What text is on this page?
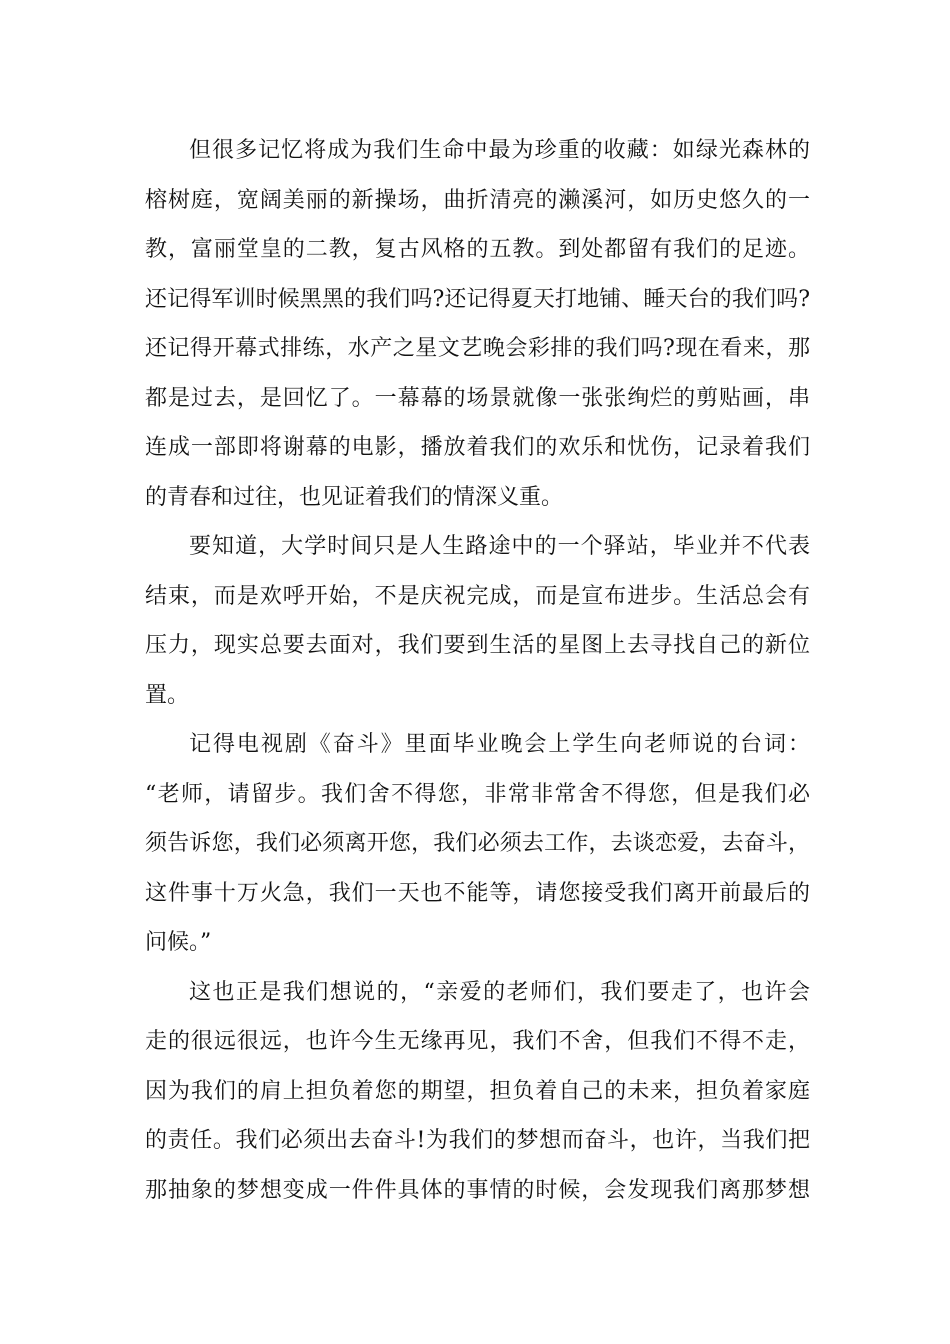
但很多记忆将成为我们生命中最为珍重的收藏：如绿光森林的
榕树庭，宽阔美丽的新操场，曲折清亮的濑溪河，如历史悠久的一
教，富丽堂皇的二教，复古风格的五教。到处都留有我们的足迹。
还记得军训时候黑黑的我们吗?还记得夏天打地铺、睡天台的我们吗?
还记得开幕式排练，水产之星文艺晚会彩排的我们吗?现在看来，那
都是过去，是回忆了。一幕幕的场景就像一张张绚烂的剪贴画，串
连成一部即将谢幕的电影，播放着我们的欢乐和忧伤，记录着我们
的青春和过往，也见证着我们的情深义重。
要知道，大学时间只是人生路途中的一个驿站，毕业并不代表
结束，而是欢呼开始，不是庆祝完成，而是宣布进步。生活总会有
压力，现实总要去面对，我们要到生活的星图上去寻找自己的新位
置。
记得电视剧《奋斗》里面毕业晚会上学生向老师说的台词：
“老师，请留步。我们舍不得您，非常非常舍不得您，但是我们必
须告诉您，我们必须离开您，我们必须去工作，去谈恋爱，去奋斗，
这件事十万火急，我们一天也不能等，请您接受我们离开前最后的
问候。”
这也正是我们想说的，“亲爱的老师们，我们要走了，也许会
走的很远很远，也许今生无缘再见，我们不舍，但我们不得不走，
因为我们的肩上担负着您的期望，担负着自己的未来，担负着家庭
的责任。我们必须出去奋斗!为我们的梦想而奋斗，也许，当我们把
那抽象的梦想变成一件件具体的事情的时候，会发现我们离那梦想
